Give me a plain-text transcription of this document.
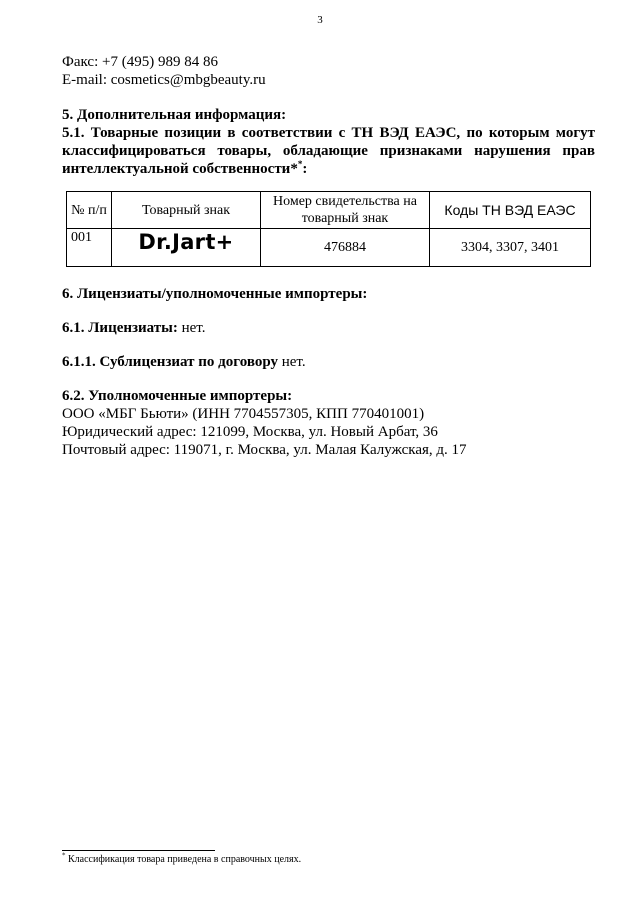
3
Факс: +7 (495) 989 84 86
E-mail: cosmetics@mbgbeauty.ru
5. Дополнительная информация:
5.1. Товарные позиции в соответствии с ТН ВЭД ЕАЭС, по которым могут классифицироваться товары, обладающие признаками нарушения прав интеллектуальной собственности**:
№ п/п	Товарный знак	Номер свидетельства на товарный знак	Коды ТН ВЭД ЕАЭС
001	Dr.Jart+	476884	3304, 3307, 3401
6. Лицензиаты/уполномоченные импортеры:
6.1. Лицензиаты: нет.
6.1.1. Сублицензиат по договору нет.
6.2. Уполномоченные импортеры:
ООО «МБГ Бьюти» (ИНН 7704557305, КПП 770401001)
Юридический адрес: 121099, Москва, ул. Новый Арбат, 36
Почтовый адрес: 119071, г. Москва, ул. Малая Калужская, д. 17
* Классификация товара приведена в справочных целях.
